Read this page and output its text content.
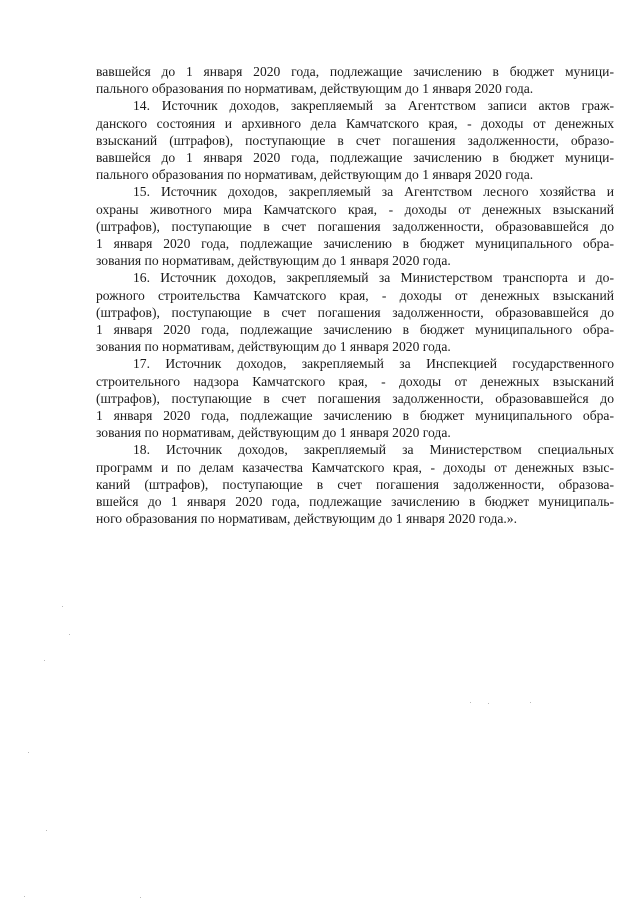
вавшейся до 1 января 2020 года, подлежащие зачислению в бюджет муници-
пального образования по нормативам, действующим до 1 января 2020 года.

14. Источник доходов, закрепляемый за Агентством записи актов граж-
данского состояния и архивного дела Камчатского края, - доходы от денежных
взысканий (штрафов), поступающие в счет погашения задолженности, образо-
вавшейся до 1 января 2020 года, подлежащие зачислению в бюджет муници-
пального образования по нормативам, действующим до 1 января 2020 года.

15. Источник доходов, закрепляемый за Агентством лесного хозяйства и
охраны животного мира Камчатского края, - доходы от денежных взысканий
(штрафов), поступающие в счет погашения задолженности, образовавшейся до
1 января 2020 года, подлежащие зачислению в бюджет муниципального обра-
зования по нормативам, действующим до 1 января 2020 года.

16. Источник доходов, закрепляемый за Министерством транспорта и до-
рожного строительства Камчатского края, - доходы от денежных взысканий
(штрафов), поступающие в счет погашения задолженности, образовавшейся до
1 января 2020 года, подлежащие зачислению в бюджет муниципального обра-
зования по нормативам, действующим до 1 января 2020 года.

17. Источник доходов, закрепляемый за Инспекцией государственного
строительного надзора Камчатского края, - доходы от денежных взысканий
(штрафов), поступающие в счет погашения задолженности, образовавшейся до
1 января 2020 года, подлежащие зачислению в бюджет муниципального обра-
зования по нормативам, действующим до 1 января 2020 года.

18. Источник доходов, закрепляемый за Министерством специальных
программ и по делам казачества Камчатского края, - доходы от денежных взыс-
каний (штрафов), поступающие в счет погашения задолженности, образова-
вшейся до 1 января 2020 года, подлежащие зачислению в бюджет муниципаль-
ного образования по нормативам, действующим до 1 января 2020 года.».
